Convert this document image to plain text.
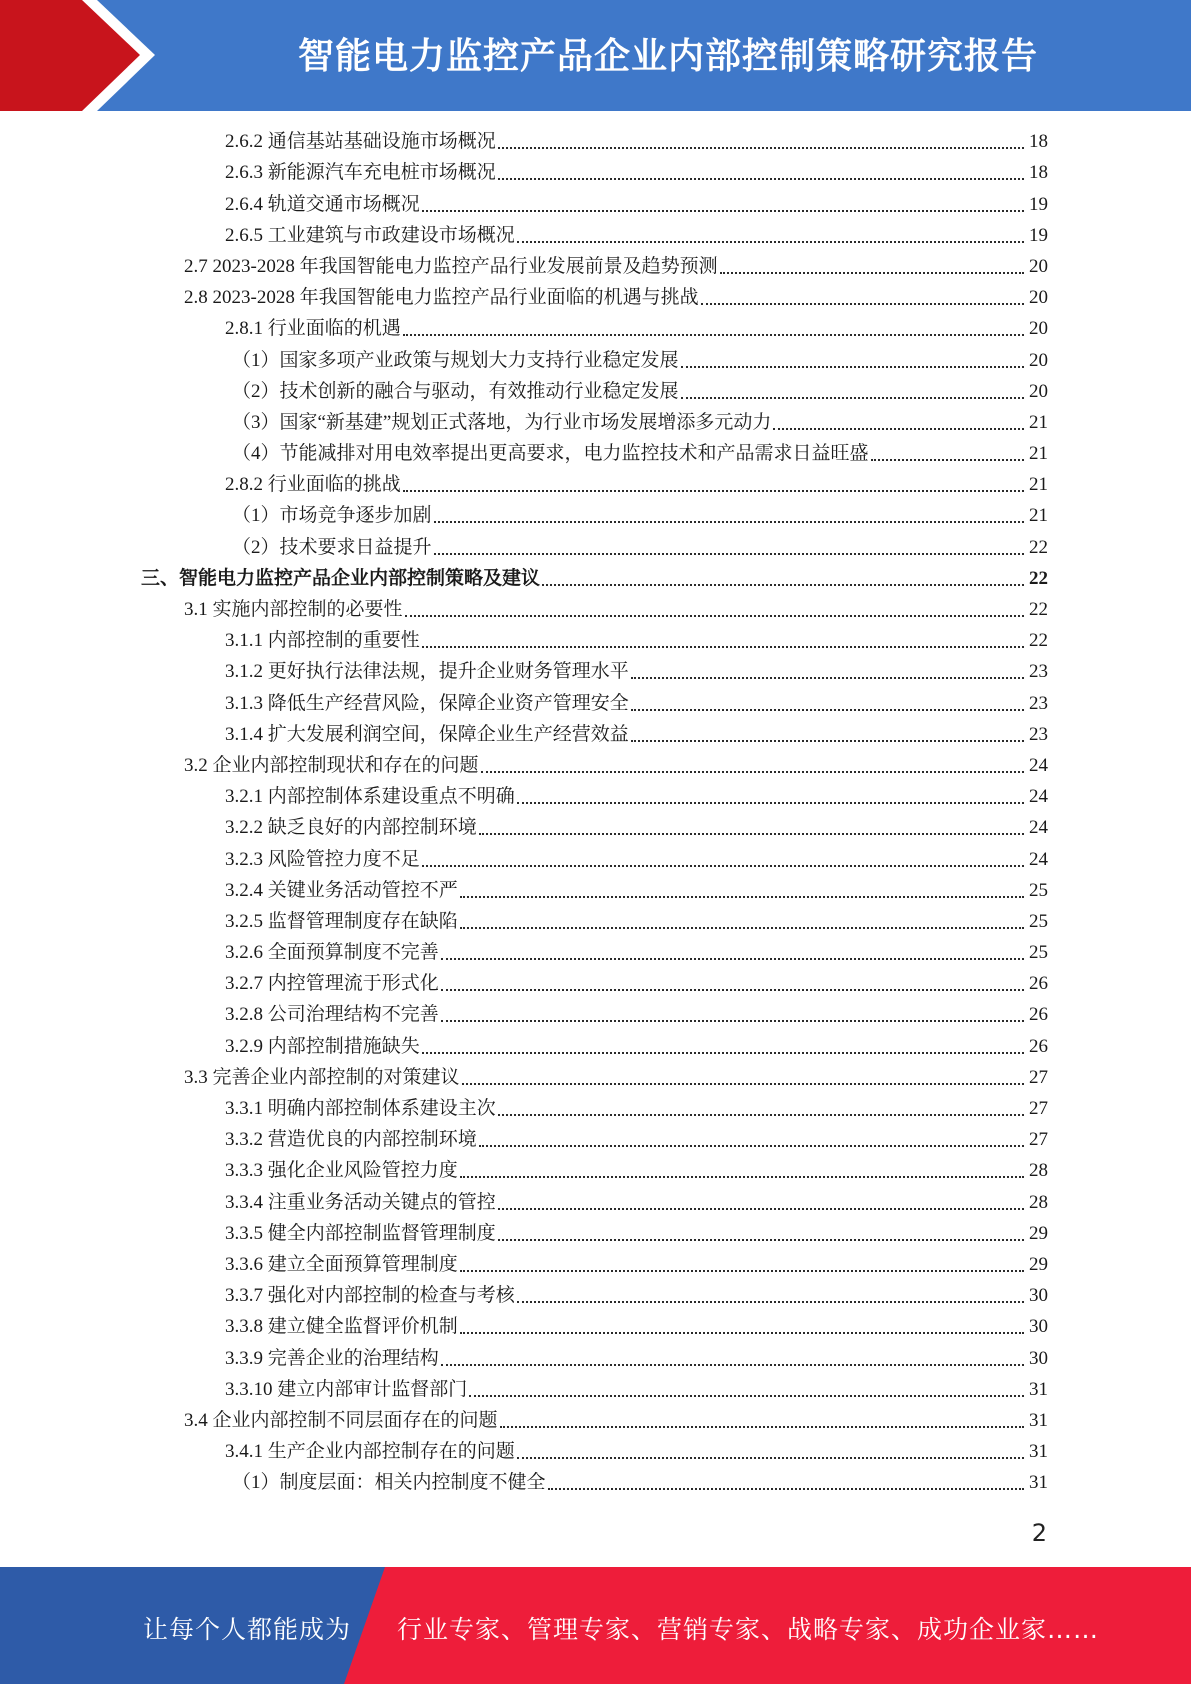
智能电力监控产品企业内部控制策略研究报告
2.6.2 通信基站基础设施市场概况	18
2.6.3 新能源汽车充电桩市场概况	18
2.6.4 轨道交通市场概况	19
2.6.5 工业建筑与市政建设市场概况	19
2.7 2023-2028 年我国智能电力监控产品行业发展前景及趋势预测	20
2.8 2023-2028 年我国智能电力监控产品行业面临的机遇与挑战	20
2.8.1 行业面临的机遇	20
（1）国家多项产业政策与规划大力支持行业稳定发展	20
（2）技术创新的融合与驱动，有效推动行业稳定发展	20
（3）国家“新基建”规划正式落地，为行业市场发展增添多元动力	21
（4）节能减排对用电效率提出更高要求，电力监控技术和产品需求日益旺盛	21
2.8.2 行业面临的挑战	21
（1）市场竞争逐步加剧	21
（2）技术要求日益提升	22
三、智能电力监控产品企业内部控制策略及建议	22
3.1 实施内部控制的必要性	22
3.1.1 内部控制的重要性	22
3.1.2 更好执行法律法规，提升企业财务管理水平	23
3.1.3 降低生产经营风险，保障企业资产管理安全	23
3.1.4 扩大发展利润空间，保障企业生产经营效益	23
3.2 企业内部控制现状和存在的问题	24
3.2.1 内部控制体系建设重点不明确	24
3.2.2 缺乏良好的内部控制环境	24
3.2.3 风险管控力度不足	24
3.2.4 关键业务活动管控不严	25
3.2.5 监督管理制度存在缺陷	25
3.2.6 全面预算制度不完善	25
3.2.7 内控管理流于形式化	26
3.2.8 公司治理结构不完善	26
3.2.9 内部控制措施缺失	26
3.3 完善企业内部控制的对策建议	27
3.3.1 明确内部控制体系建设主次	27
3.3.2 营造优良的内部控制环境	27
3.3.3 强化企业风险管控力度	28
3.3.4 注重业务活动关键点的管控	28
3.3.5 健全内部控制监督管理制度	29
3.3.6 建立全面预算管理制度	29
3.3.7 强化对内部控制的检查与考核	30
3.3.8 建立健全监督评价机制	30
3.3.9 完善企业的治理结构	30
3.3.10 建立内部审计监督部门	31
3.4 企业内部控制不同层面存在的问题	31
3.4.1 生产企业内部控制存在的问题	31
（1）制度层面：相关内控制度不健全	31
2
让每个人都能成为 行业专家、管理专家、营销专家、战略专家、成功企业家……
